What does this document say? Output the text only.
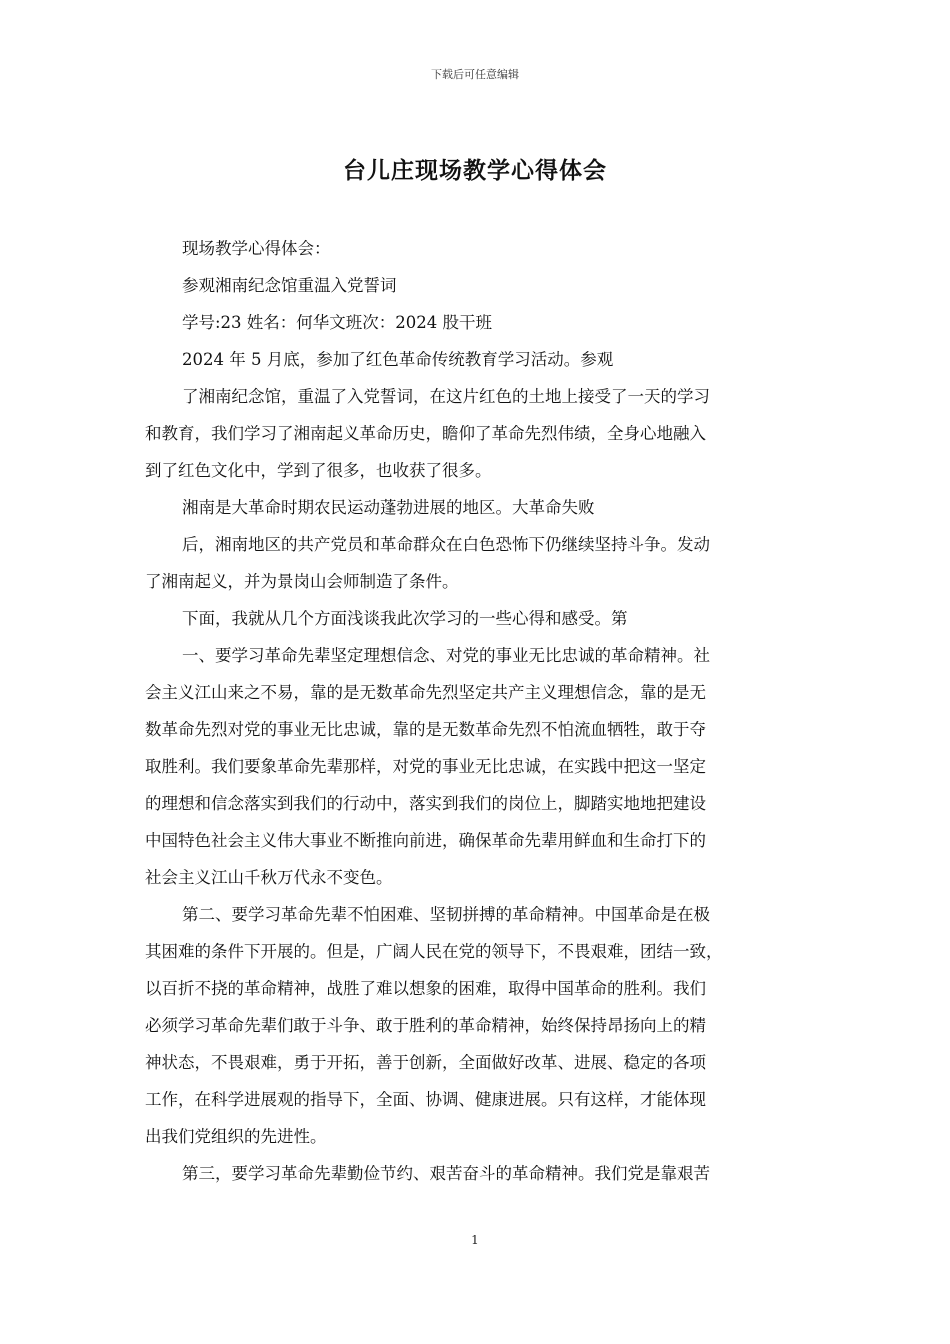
下载后可任意编辑
台儿庄现场教学心得体会
现场教学心得体会：
参观湘南纪念馆重温入党誓词
学号:23 姓名：何华文班次：2024 股干班
2024 年 5 月底，参加了红色革命传统教育学习活动。参观
了湘南纪念馆，重温了入党誓词，在这片红色的土地上接受了一天的学习
和教育，我们学习了湘南起义革命历史，瞻仰了革命先烈伟绩，全身心地融入
到了红色文化中，学到了很多，也收获了很多。
湘南是大革命时期农民运动蓬勃进展的地区。大革命失败
后，湘南地区的共产党员和革命群众在白色恐怖下仍继续坚持斗争。发动
了湘南起义，并为景岗山会师制造了条件。
下面，我就从几个方面浅谈我此次学习的一些心得和感受。第
一、要学习革命先辈坚定理想信念、对党的事业无比忠诚的革命精神。社
会主义江山来之不易，靠的是无数革命先烈坚定共产主义理想信念，靠的是无
数革命先烈对党的事业无比忠诚，靠的是无数革命先烈不怕流血牺牲，敢于夺
取胜利。我们要象革命先辈那样，对党的事业无比忠诚，在实践中把这一坚定
的理想和信念落实到我们的行动中，落实到我们的岗位上，脚踏实地地把建设
中国特色社会主义伟大事业不断推向前进，确保革命先辈用鲜血和生命打下的
社会主义江山千秋万代永不变色。
第二、要学习革命先辈不怕困难、坚韧拼搏的革命精神。中国革命是在极
其困难的条件下开展的。但是，广阔人民在党的领导下，不畏艰难，团结一致，
以百折不挠的革命精神，战胜了难以想象的困难，取得中国革命的胜利。我们
必须学习革命先辈们敢于斗争、敢于胜利的革命精神，始终保持昂扬向上的精
神状态，不畏艰难，勇于开拓，善于创新，全面做好改革、进展、稳定的各项
工作，在科学进展观的指导下，全面、协调、健康进展。只有这样，才能体现
出我们党组织的先进性。
第三，要学习革命先辈勤俭节约、艰苦奋斗的革命精神。我们党是靠艰苦
1
